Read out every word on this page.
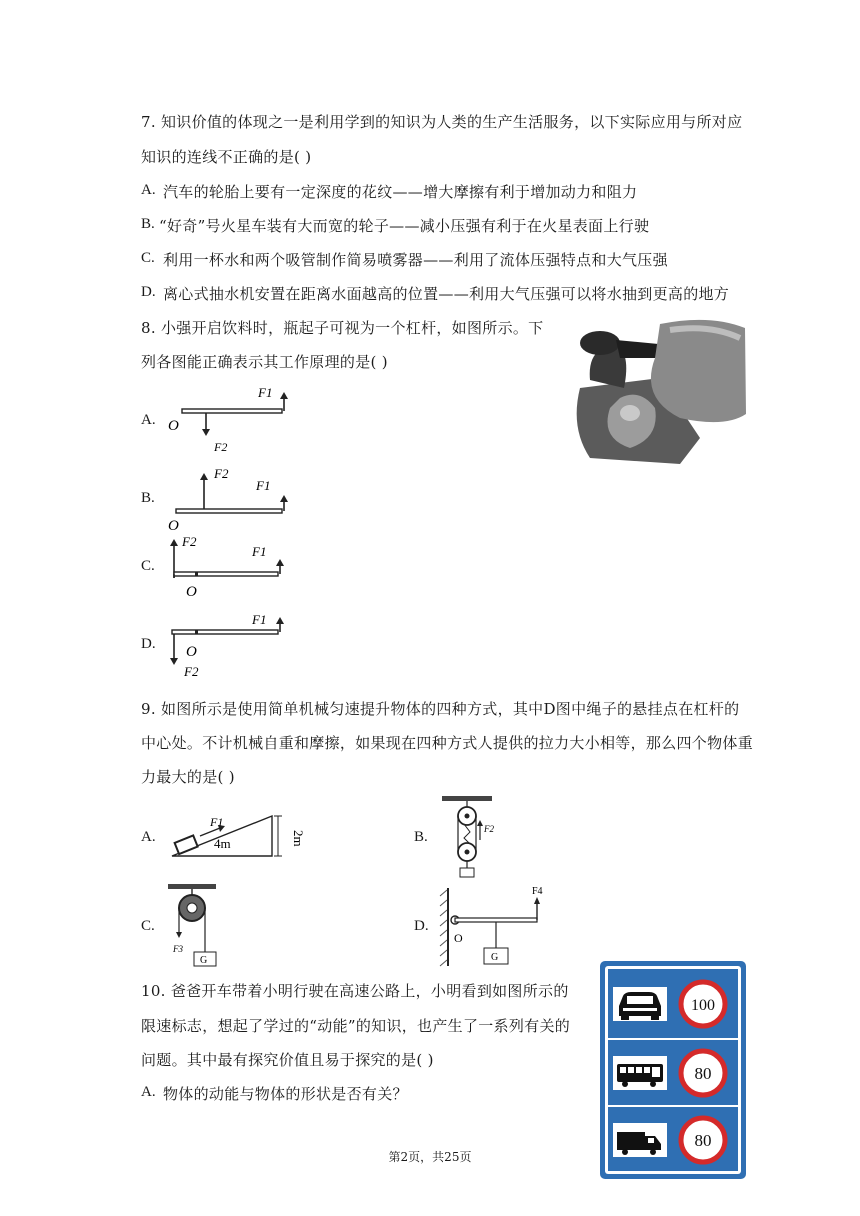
7. 知识价值的体现之一是利用学到的知识为人类的生产生活服务，以下实际应用与所对应
知识的连线不正确的是( )
A. 汽车的轮胎上要有一定深度的花纹——增大摩擦有利于增加动力和阻力
B. “好奇”号火星车装有大而宽的轮子——减小压强有利于在火星表面上行驶
C. 利用一杯水和两个吸管制作简易喷雾器——利用了流体压强特点和大气压强
D. 离心式抽水机安置在距离水面越高的位置——利用大气压强可以将水抽到更高的地方
8. 小强开启饮料时，瓶起子可视为一个杠杆，如图所示。下
列各图能正确表示其工作原理的是( )
A.
F1
F2
O
B.
F2
F1
O
C.
F2
F1
O
D.
F1
O
F2
9. 如图所示是使用简单机械匀速提升物体的四种方式，其中D图中绳子的悬挂点在杠杆的
中心处。不计机械自重和摩擦，如果现在四种方式人提供的拉力大小相等，那么四个物体重
力最大的是( )
A.
F1
4m	2m	B.	F2
C.
F3
G
D.
F4
O
G
10. 爸爸开车带着小明行驶在高速公路上，小明看到如图所示的
限速标志，想起了学过的“动能”的知识，也产生了一系列有关的
问题。其中最有探究价值且易于探究的是( )
A. 物体的动能与物体的形状是否有关？
100
80
80
第2页，共25页
